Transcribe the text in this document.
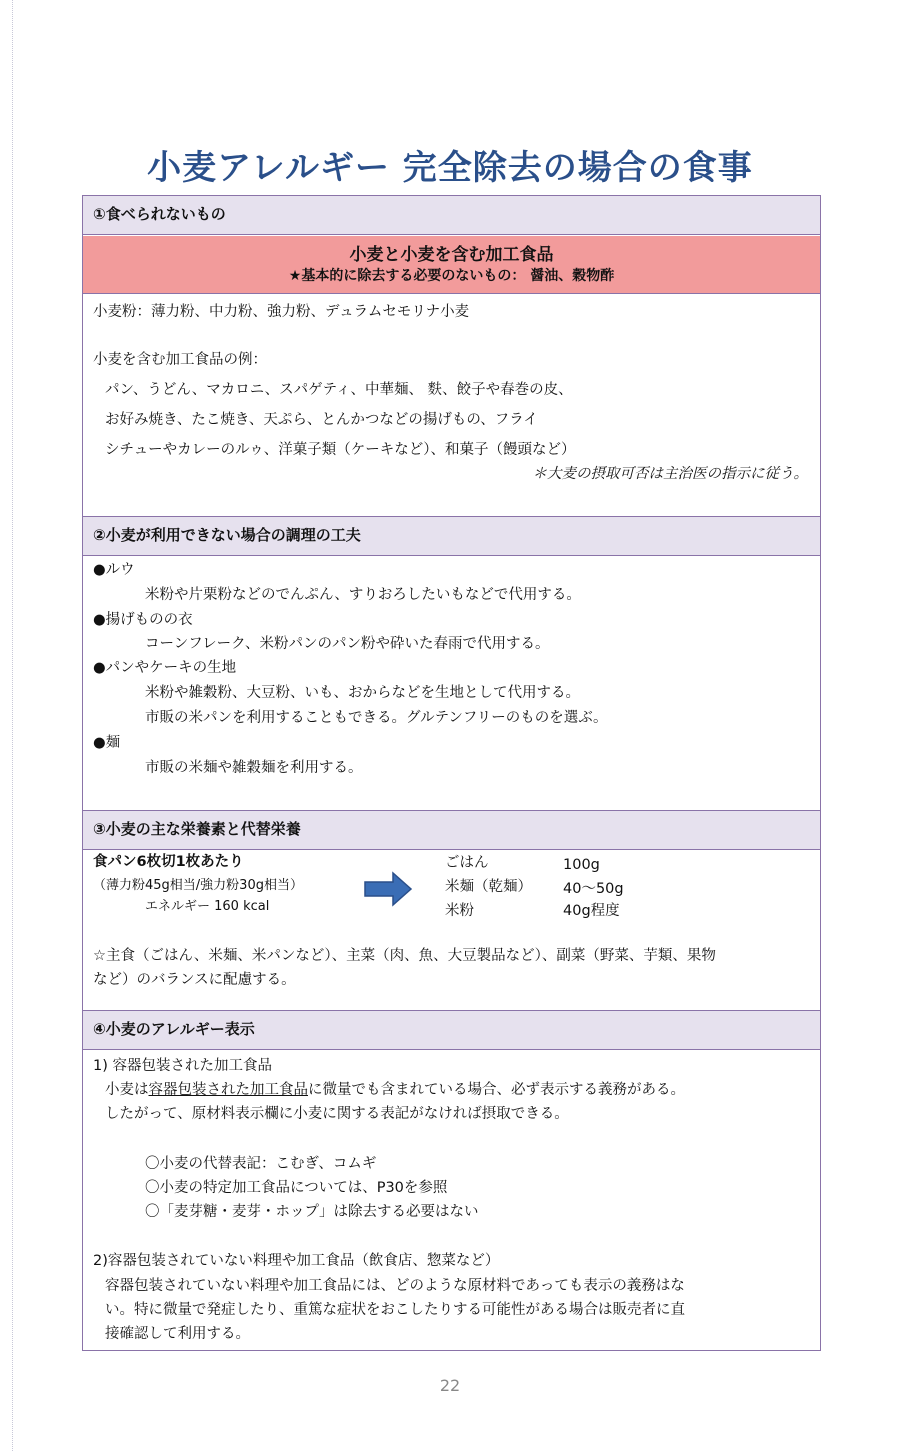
小麦アレルギー 完全除去の場合の食事
①食べられないもの
小麦と小麦を含む加工食品
★基本的に除去する必要のないもの： 醤油、穀物酢
小麦粉：薄力粉、中力粉、強力粉、デュラムセモリナ小麦
小麦を含む加工食品の例：
パン、うどん、マカロニ、スパゲティ、中華麺、 麩、餃子や春巻の皮、
お好み焼き、たこ焼き、天ぷら、とんかつなどの揚げもの、フライ
シチューやカレーのルゥ、洋菓子類（ケーキなど）、和菓子（饅頭など）
＊大麦の摂取可否は主治医の指示に従う。
②小麦が利用できない場合の調理の工夫
●ルウ
米粉や片栗粉などのでんぷん、すりおろしたいもなどで代用する。
●揚げものの衣
コーンフレーク、米粉パンのパン粉や砕いた春雨で代用する。
●パンやケーキの生地
米粉や雑穀粉、大豆粉、いも、おからなどを生地として代用する。
市販の米パンを利用することもできる。グルテンフリーのものを選ぶ。
●麺
市販の米麺や雑穀麺を利用する。
③小麦の主な栄養素と代替栄養
食パン6枚切1枚あたり
（薄力粉45g相当/強力粉30g相当）
エネルギー 160 kcal
ごはん	100g
米麺（乾麺） 40～50g
米粉	40g程度
☆主食（ごはん、米麺、米パンなど）、主菜（肉、魚、大豆製品など）、副菜（野菜、芋類、果物
など）のバランスに配慮する。
④小麦のアレルギー表示
1) 容器包装された加工食品
小麦は容器包装された加工食品に微量でも含まれている場合、必ず表示する義務がある。
したがって、原材料表示欄に小麦に関する表記がなければ摂取できる。
〇小麦の代替表記：こむぎ、コムギ
〇小麦の特定加工食品については、P30を参照
〇「麦芽糖・麦芽・ホップ」は除去する必要はない
2)容器包装されていない料理や加工食品（飲食店、惣菜など）
容器包装されていない料理や加工食品には、どのような原材料であっても表示の義務はな
い。特に微量で発症したり、重篤な症状をおこしたりする可能性がある場合は販売者に直
接確認して利用する。
22
